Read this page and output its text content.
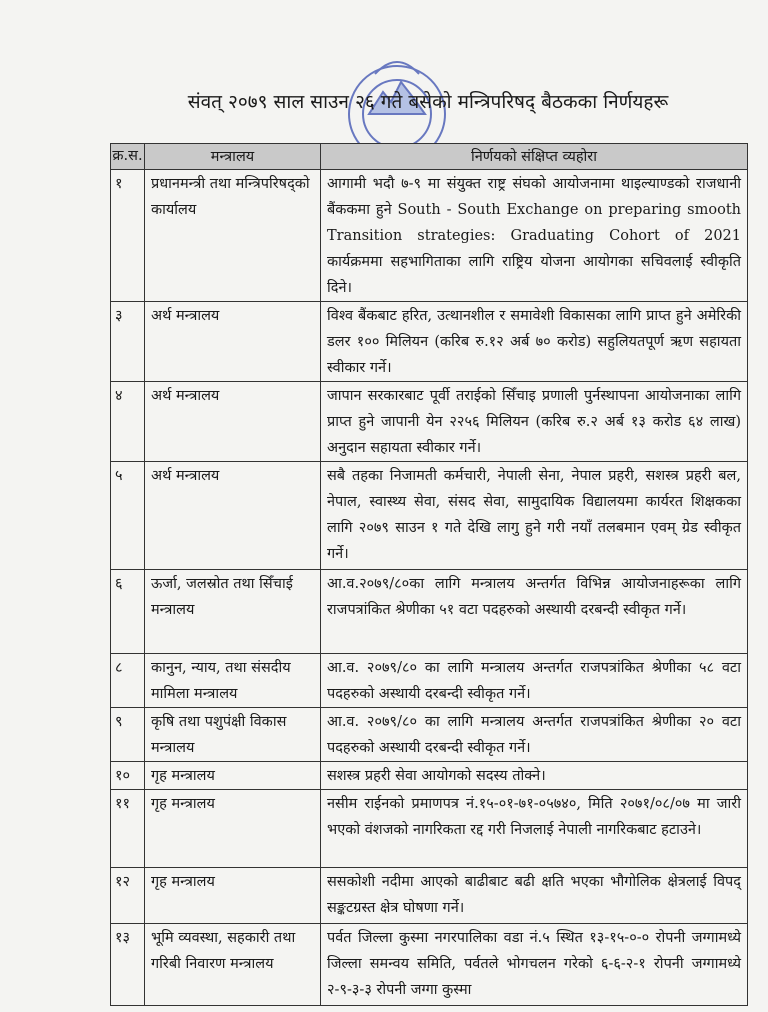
संवत् २०७९ साल साउन २६ गते बसेको मन्त्रिपरिषद् बैठकका निर्णयहरू
क्र.स.	मन्त्रालय	निर्णयको संक्षिप्त व्यहोरा
१	प्रधानमन्त्री तथा मन्त्रिपरिषद्को कार्यालय	आगामी भदौ ७-९ मा संयुक्त राष्ट्र संघको आयोजनामा थाइल्याण्डको राजधानी बैंककमा हुने South - South Exchange on preparing smooth Transition strategies: Graduating Cohort of 2021 कार्यक्रममा सहभागिताका लागि राष्ट्रिय योजना आयोगका सचिवलाई स्वीकृति दिने।
३	अर्थ मन्त्रालय	विश्व बैंकबाट हरित, उत्थानशील र समावेशी विकासका लागि प्राप्त हुने अमेरिकी डलर १०० मिलियन (करिब रु.१२ अर्ब ७० करोड) सहुलियतपूर्ण ऋण सहायता स्वीकार गर्ने।
४	अर्थ मन्त्रालय	जापान सरकारबाट पूर्वी तराईको सिँचाइ प्रणाली पुर्नस्थापना आयोजनाका लागि प्राप्त हुने जापानी येन २२५६ मिलियन (करिब रु.२ अर्ब १३ करोड ६४ लाख) अनुदान सहायता स्वीकार गर्ने।
५	अर्थ मन्त्रालय	सबै तहका निजामती कर्मचारी, नेपाली सेना, नेपाल प्रहरी, सशस्त्र प्रहरी बल, नेपाल, स्वास्थ्य सेवा, संसद सेवा, सामुदायिक विद्यालयमा कार्यरत शिक्षकका लागि २०७९ साउन १ गते देखि लागु हुने गरी नयाँ तलबमान एवम् ग्रेड स्वीकृत गर्ने।
६	ऊर्जा, जलस्रोत तथा सिँचाई मन्त्रालय	आ.व.२०७९/८०का लागि मन्त्रालय अन्तर्गत विभिन्न आयोजनाहरूका लागि राजपत्रांकित श्रेणीका ५१ वटा पदहरुको अस्थायी दरबन्दी स्वीकृत गर्ने।
८	कानुन, न्याय, तथा संसदीय मामिला मन्त्रालय	आ.व. २०७९/८० का लागि मन्त्रालय अन्तर्गत राजपत्रांकित श्रेणीका ५८ वटा पदहरुको अस्थायी दरबन्दी स्वीकृत गर्ने।
९	कृषि तथा पशुपंक्षी विकास मन्त्रालय	आ.व. २०७९/८० का लागि मन्त्रालय अन्तर्गत राजपत्रांकित श्रेणीका २० वटा पदहरुको अस्थायी दरबन्दी स्वीकृत गर्ने।
१०	गृह मन्त्रालय	सशस्त्र प्रहरी सेवा आयोगको सदस्य तोक्ने।
११	गृह मन्त्रालय	नसीम राईनको प्रमाणपत्र नं.१५-०१-७१-०५७४०, मिति २०७१/०८/०७ मा जारी भएको वंशजको नागरिकता रद्द गरी निजलाई नेपाली नागरिकबाट हटाउने।
१२	गृह मन्त्रालय	ससकोशी नदीमा आएको बाढीबाट बढी क्षति भएका भौगोलिक क्षेत्रलाई विपद् सङ्कटग्रस्त क्षेत्र घोषणा गर्ने।
१३	भूमि व्यवस्था, सहकारी तथा गरिबी निवारण मन्त्रालय	पर्वत जिल्ला कुस्मा नगरपालिका वडा नं.५ स्थित १३-१५-०-० रोपनी जग्गामध्ये जिल्ला समन्वय समिति, पर्वतले भोगचलन गरेको ६-६-२-१ रोपनी जग्गामध्ये २-९-३-३ रोपनी जग्गा कुस्मा
